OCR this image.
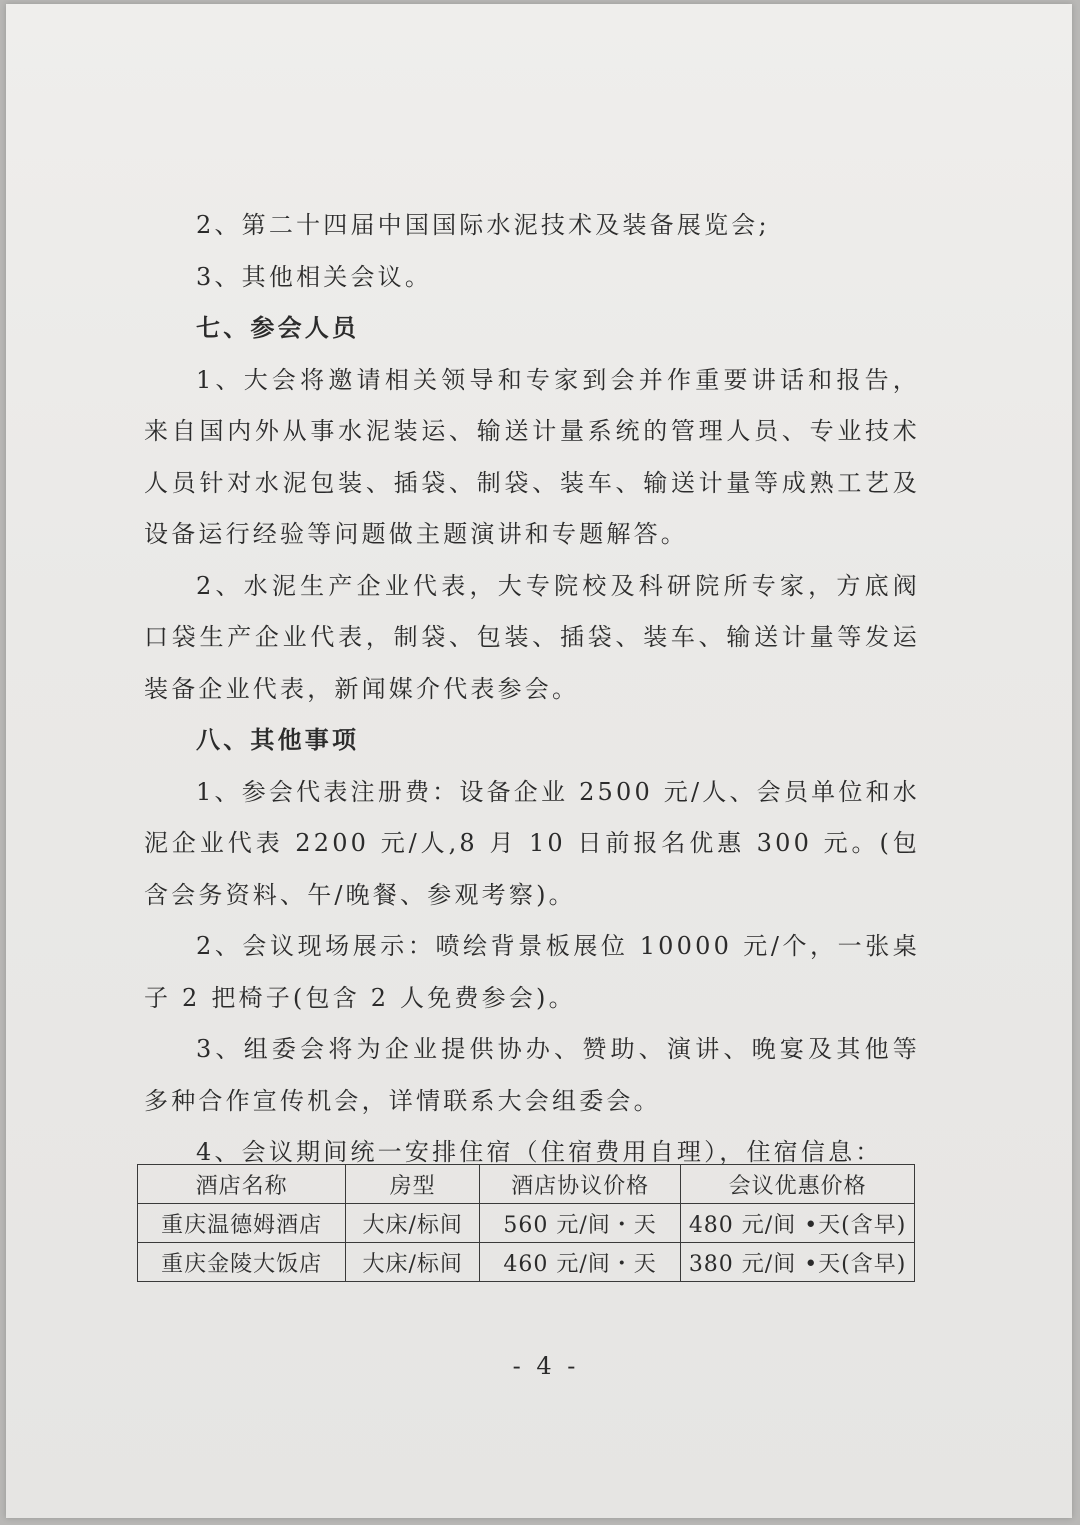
2、第二十四届中国国际水泥技术及装备展览会;

3、其他相关会议。

七、参会人员

1、大会将邀请相关领导和专家到会并作重要讲话和报告，来自国内外从事水泥装运、输送计量系统的管理人员、专业技术人员针对水泥包装、插袋、制袋、装车、输送计量等成熟工艺及设备运行经验等问题做主题演讲和专题解答。

2、水泥生产企业代表，大专院校及科研院所专家，方底阀口袋生产企业代表，制袋、包装、插袋、装车、输送计量等发运装备企业代表，新闻媒介代表参会。

八、其他事项

1、参会代表注册费：设备企业 2500 元/人、会员单位和水泥企业代表 2200 元/人,8 月 10 日前报名优惠 300 元。(包含会务资料、午/晚餐、参观考察)。

2、会议现场展示：喷绘背景板展位 10000 元/个，一张桌子 2 把椅子(包含 2 人免费参会)。

3、组委会将为企业提供协办、赞助、演讲、晚宴及其他等多种合作宣传机会，详情联系大会组委会。

4、会议期间统一安排住宿（住宿费用自理），住宿信息：

- 4 -
酒店名称	房型	酒店协议价格	会议优惠价格
重庆温德姆酒店	大床/标间	560 元/间・天	480 元/间 •天(含早)
重庆金陵大饭店	大床/标间	460 元/间・天	380 元/间 •天(含早)
